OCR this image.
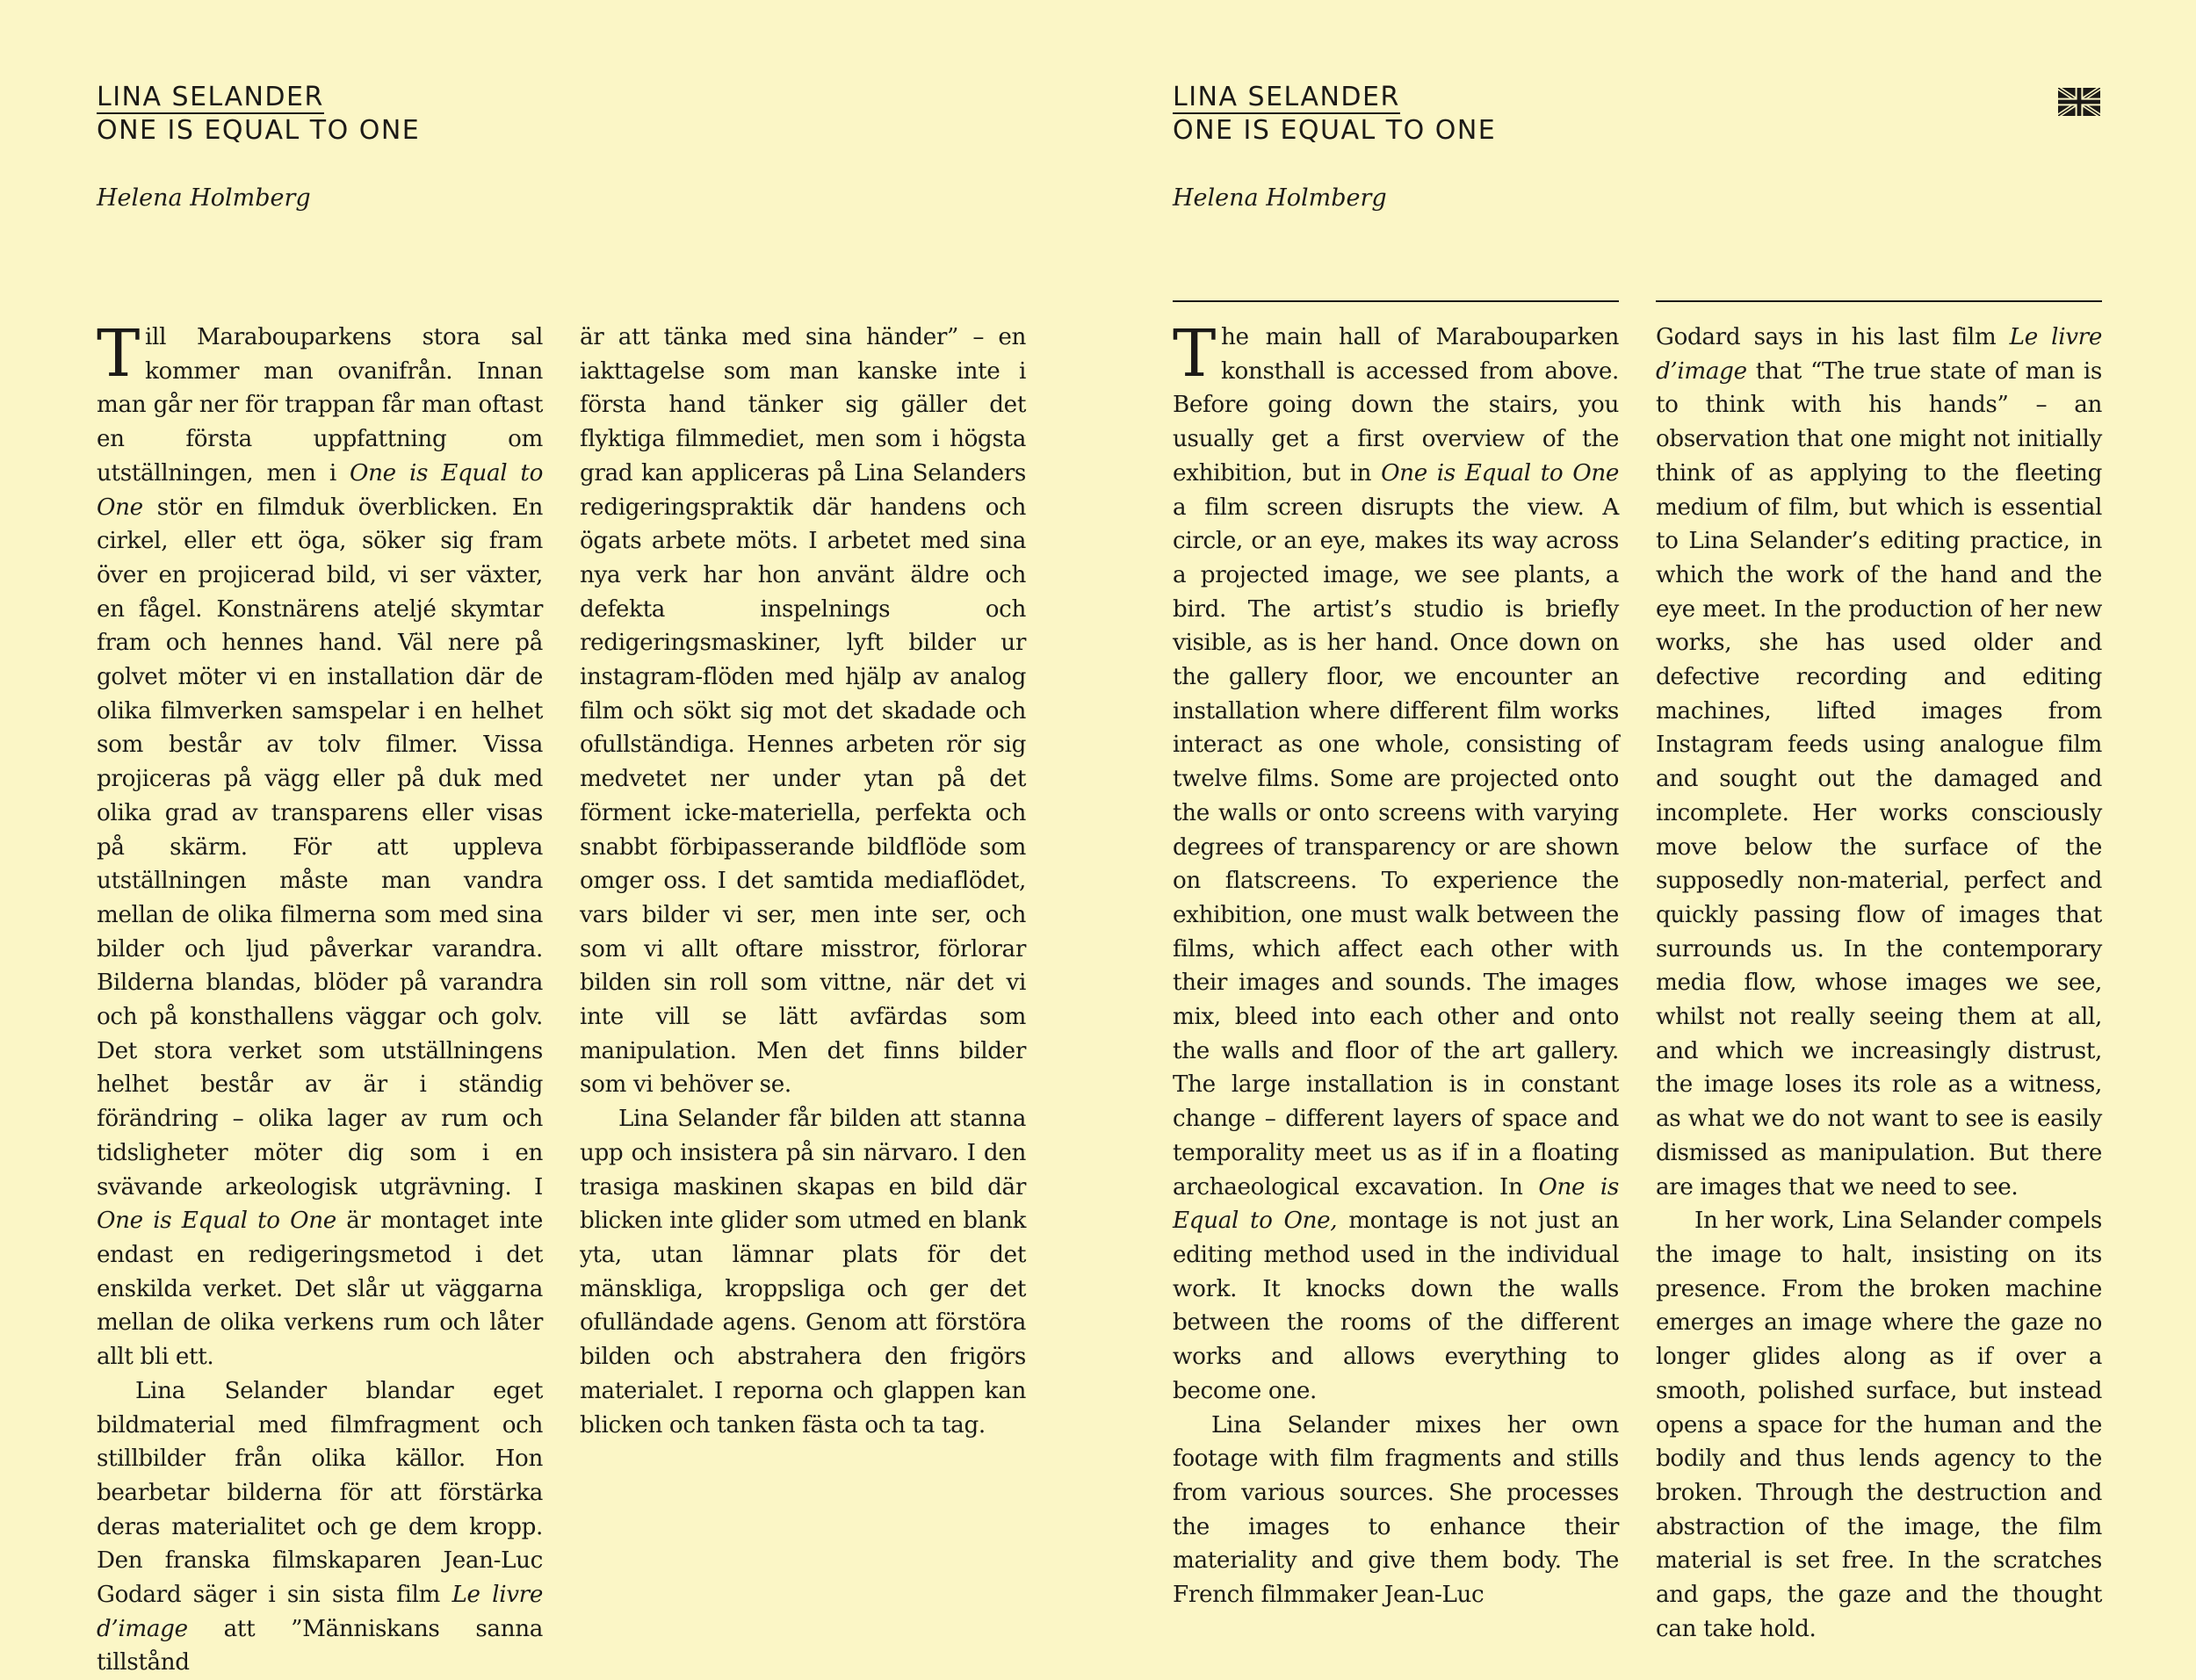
LINA SELANDER
ONE IS EQUAL TO ONE
Helena Holmberg

Till Marabouparkens stora sal kommer man ovanifrån. Innan man går ner för trappan får man oftast en första uppfattning om utställningen, men i One is Equal to One stör en filmduk överblicken. En cirkel, eller ett öga, söker sig fram över en projicerad bild, vi ser växter, en fågel. Konstnärens ateljé skymtar fram och hennes hand. Väl nere på golvet möter vi en installation där de olika filmverken samspelar i en helhet som består av tolv filmer. Vissa projiceras på vägg eller på duk med olika grad av transparens eller visas på skärm. För att uppleva utställningen måste man vandra mellan de olika filmerna som med sina bilder och ljud påverkar varandra. Bilderna blandas, blöder på varandra och på konsthallens väggar och golv. Det stora verket som utställningens helhet består av är i ständig förändring – olika lager av rum och tidsligheter möter dig som i en svävande arkeologisk utgrävning. I One is Equal to One är montaget inte endast en redigeringsmetod i det enskilda verket. Det slår ut väggarna mellan de olika verkens rum och låter allt bli ett.

Lina Selander blandar eget bildmaterial med filmfragment och stillbilder från olika källor. Hon bearbetar bilderna för att förstärka deras materialitet och ge dem kropp. Den franska filmskaparen Jean-Luc Godard säger i sin sista film Le livre d’image att ”Människans sanna tillstånd

är att tänka med sina händer” – en iakttagelse som man kanske inte i första hand tänker sig gäller det flyktiga filmmediet, men som i högsta grad kan appliceras på Lina Selanders redigeringspraktik där handens och ögats arbete möts. I arbetet med sina nya verk har hon använt äldre och defekta inspelnings och redigeringsmaskiner, lyft bilder ur instagram-flöden med hjälp av analog film och sökt sig mot det skadade och ofullständiga. Hennes arbeten rör sig medvetet ner under ytan på det förment icke-materiella, perfekta och snabbt förbipasserande bildflöde som omger oss. I det samtida mediaflödet, vars bilder vi ser, men inte ser, och som vi allt oftare misstror, förlorar bilden sin roll som vittne, när det vi inte vill se lätt avfärdas som manipulation. Men det finns bilder som vi behöver se.

Lina Selander får bilden att stanna upp och insistera på sin närvaro. I den trasiga maskinen skapas en bild där blicken inte glider som utmed en blank yta, utan lämnar plats för det mänskliga, kroppsliga och ger det ofulländade agens. Genom att förstöra bilden och abstrahera den frigörs materialet. I reporna och glappen kan blicken och tanken fästa och ta tag.

LINA SELANDER
ONE IS EQUAL TO ONE
Helena Holmberg

The main hall of Marabouparken konsthall is accessed from above. Before going down the stairs, you usually get a first overview of the exhibition, but in One is Equal to One a film screen disrupts the view. A circle, or an eye, makes its way across a projected image, we see plants, a bird. The artist’s studio is briefly visible, as is her hand. Once down on the gallery floor, we encounter an installation where different film works interact as one whole, consisting of twelve films. Some are projected onto the walls or onto screens with varying degrees of transparency or are shown on flatscreens. To experience the exhibition, one must walk between the films, which affect each other with their images and sounds. The images mix, bleed into each other and onto the walls and floor of the art gallery. The large installation is in constant change – different layers of space and temporality meet us as if in a floating archaeological excavation. In One is Equal to One, montage is not just an editing method used in the individual work. It knocks down the walls between the rooms of the different works and allows everything to become one.

Lina Selander mixes her own footage with film fragments and stills from various sources. She processes the images to enhance their materiality and give them body. The French filmmaker Jean-Luc

Godard says in his last film Le livre d’image that “The true state of man is to think with his hands” – an observation that one might not initially think of as applying to the fleeting medium of film, but which is essential to Lina Selander’s editing practice, in which the work of the hand and the eye meet. In the production of her new works, she has used older and defective recording and editing machines, lifted images from Instagram feeds using analogue film and sought out the damaged and incomplete. Her works consciously move below the surface of the supposedly non-material, perfect and quickly passing flow of images that surrounds us. In the contemporary media flow, whose images we see, whilst not really seeing them at all, and which we increasingly distrust, the image loses its role as a witness, as what we do not want to see is easily dismissed as manipulation. But there are images that we need to see.

In her work, Lina Selander compels the image to halt, insisting on its presence. From the broken machine emerges an image where the gaze no longer glides along as if over a smooth, polished surface, but instead opens a space for the human and the bodily and thus lends agency to the broken. Through the destruction and abstraction of the image, the film material is set free. In the scratches and gaps, the gaze and the thought can take hold.
